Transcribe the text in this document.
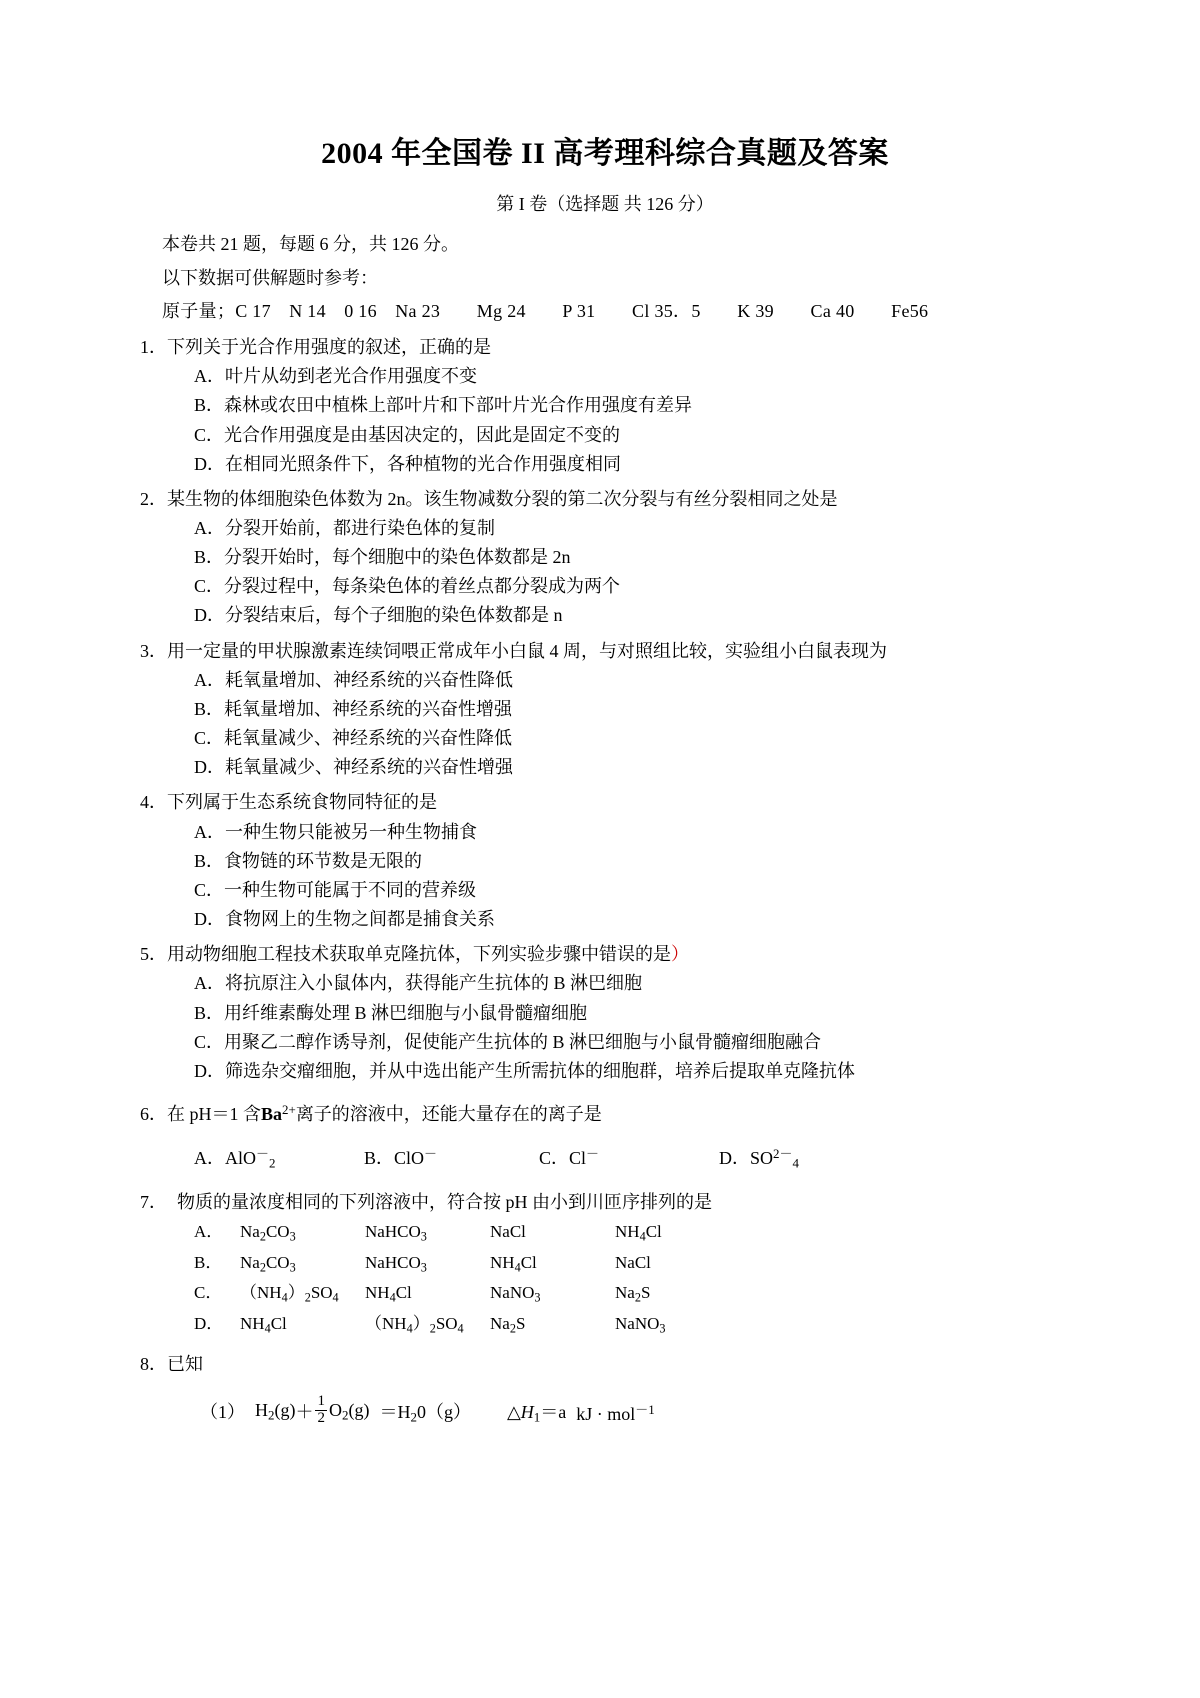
2004 年全国卷 II 高考理科综合真题及答案
第 I 卷（选择题 共 126 分）
本卷共 21 题，每题 6 分，共 126 分。
以下数据可供解题时参考：
原子量；C 17　N 14　0 16　Na 23　　Mg 24　　P 31　　Cl 35．5　　K 39　　Ca 40　　Fe56
1．下列关于光合作用强度的叙述，正确的是
A．叶片从幼到老光合作用强度不变
B．森林或农田中植株上部叶片和下部叶片光合作用强度有差异
C．光合作用强度是由基因决定的，因此是固定不变的
D．在相同光照条件下，各种植物的光合作用强度相同
2．某生物的体细胞染色体数为 2n。该生物减数分裂的第二次分裂与有丝分裂相同之处是
A．分裂开始前，都进行染色体的复制
B．分裂开始时，每个细胞中的染色体数都是 2n
C．分裂过程中，每条染色体的着丝点都分裂成为两个
D．分裂结束后，每个子细胞的染色体数都是 n
3．用一定量的甲状腺激素连续饲喂正常成年小白鼠 4 周，与对照组比较，实验组小白鼠表现为
A．耗氧量增加、神经系统的兴奋性降低
B．耗氧量增加、神经系统的兴奋性增强
C．耗氧量减少、神经系统的兴奋性降低
D．耗氧量减少、神经系统的兴奋性增强
4．下列属于生态系统食物同特征的是
A．一种生物只能被另一种生物捕食
B．食物链的环节数是无限的
C．一种生物可能属于不同的营养级
D．食物网上的生物之间都是捕食关系
5．用动物细胞工程技术获取单克隆抗体，下列实验步骤中错误的是）
A．将抗原注入小鼠体内，获得能产生抗体的 B 淋巴细胞
B．用纤维素酶处理 B 淋巴细胞与小鼠骨髓瘤细胞
C．用聚乙二醇作诱导剂，促使能产生抗体的 B 淋巴细胞与小鼠骨髓瘤细胞融合
D．筛选杂交瘤细胞，并从中选出能产生所需抗体的细胞群，培养后提取单克隆抗体
6．在 pH＝1 含$Ba^{2+}$离子的溶液中，还能大量存在的离子是
A．AlO－$_2$	B．ClO－	C．Cl－	D．$SO^{2-}_4$
7． 物质的量浓度相同的下列溶液中，符合按 pH 由小到川匝序排列的是
A． $Na_2CO_3$	NaHCO$_3$	NaCl	$NH_4Cl$
B．	$Na_2CO_3$	NaHCO$_3$	$NH_4Cl$	NaCl
C．	$(NH_4)_2SO_4$	$NH_4Cl$	NaNO$_3$	$Na_2S$
D． $NH_4Cl$	$(NH_4)_2SO_4$	$Na_2S$	NaNO$_3$
8．已知
（1） $H_2(g) + \frac{1}{2} O_2(g) = H_20(g)$ $\triangle H_1=a$ kJ · mol$^{-1}$
